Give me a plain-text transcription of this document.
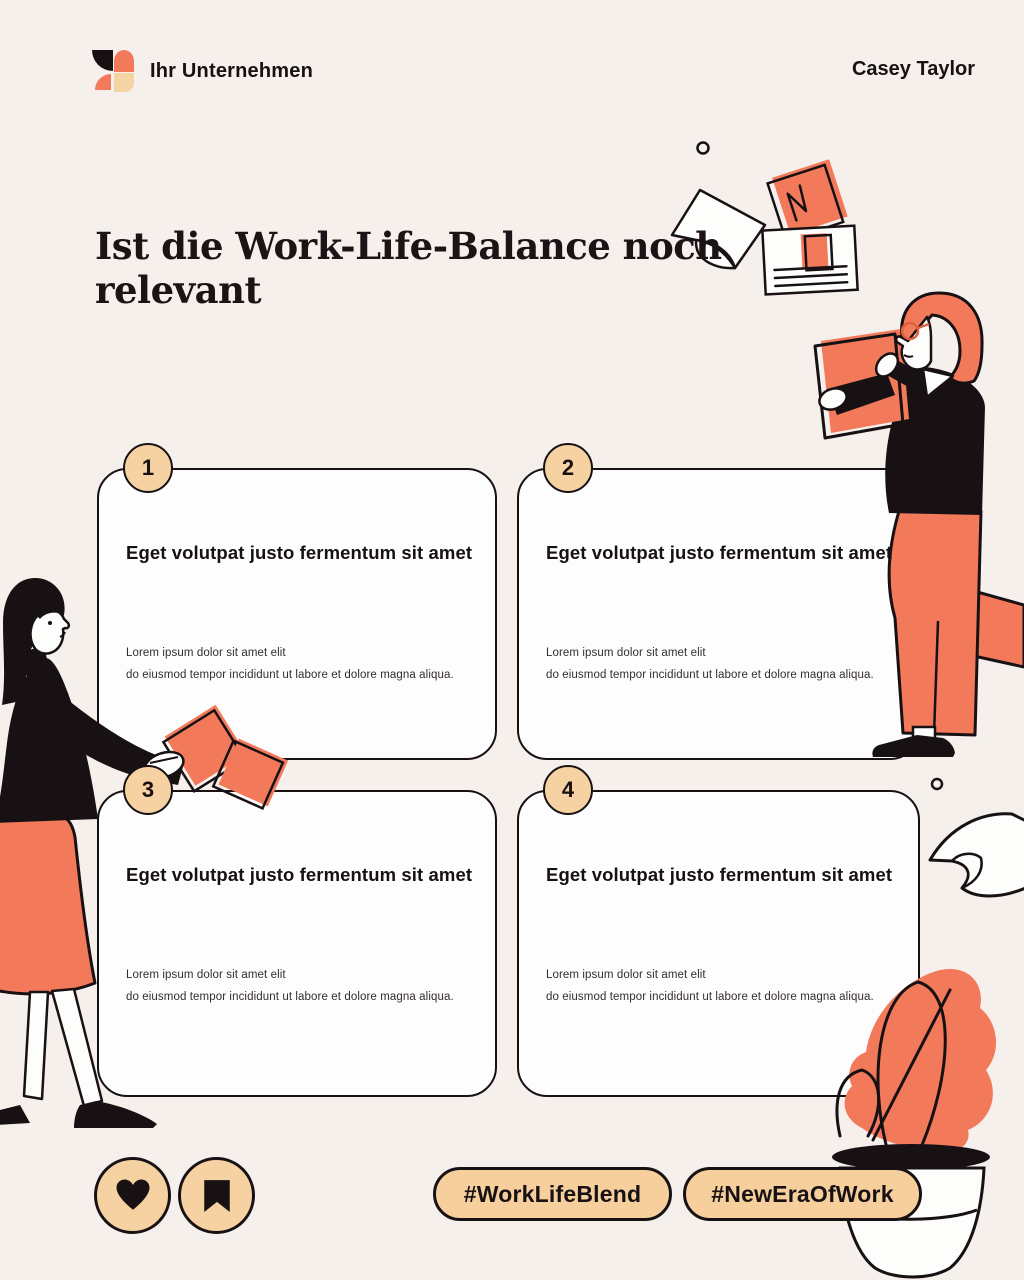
Ihr Unternehmen	Casey Taylor
Ist die Work-Life-Balance noch relevant
1
Eget volutpat justo fermentum sit amet
Lorem ipsum dolor sit amet elit
do eiusmod tempor incididunt ut labore et dolore magna aliqua.
2
Eget volutpat justo fermentum sit amet
Lorem ipsum dolor sit amet elit
do eiusmod tempor incididunt ut labore et dolore magna aliqua.
3
Eget volutpat justo fermentum sit amet
Lorem ipsum dolor sit amet elit
do eiusmod tempor incididunt ut labore et dolore magna aliqua.
4
Eget volutpat justo fermentum sit amet
Lorem ipsum dolor sit amet elit
do eiusmod tempor incididunt ut labore et dolore magna aliqua.
#WorkLifeBlend	#NewEraOfWork
